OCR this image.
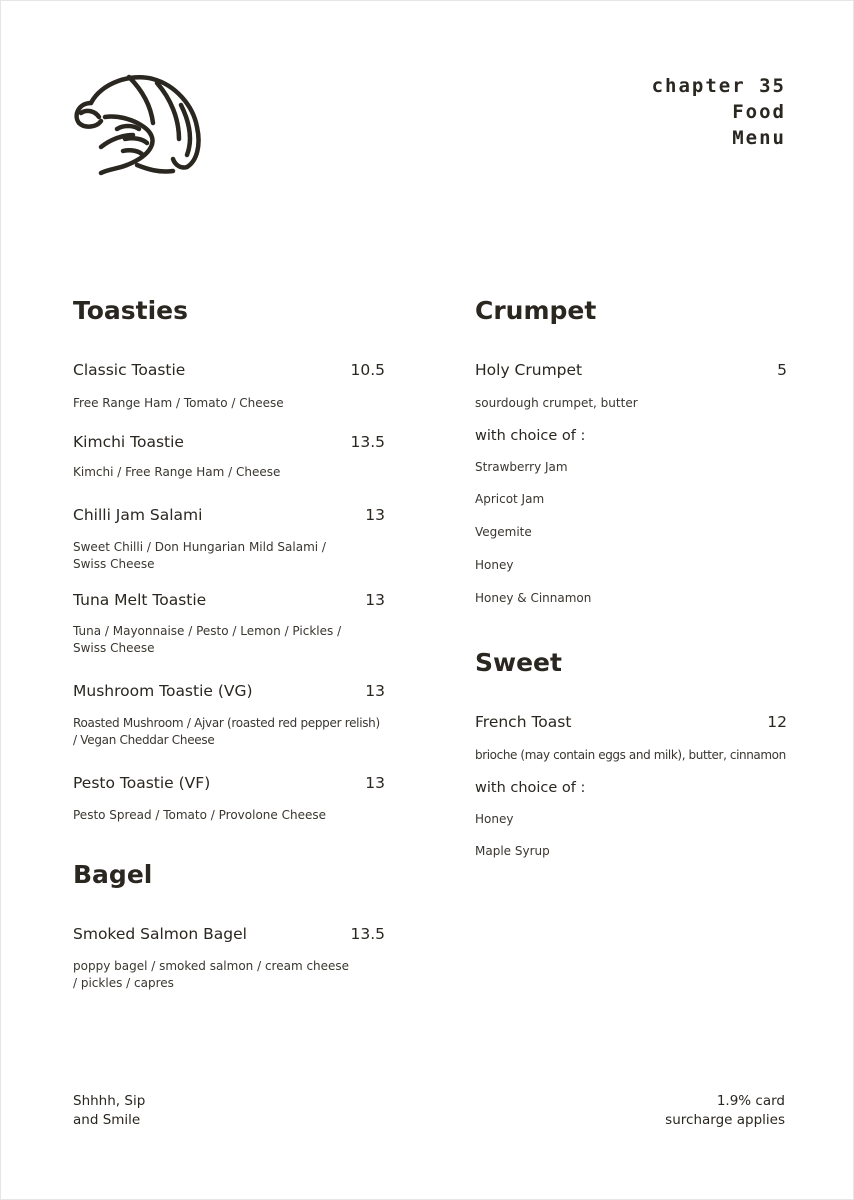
chapter 35
Food
Menu
Toasties
Classic Toastie	10.5
Free Range Ham / Tomato / Cheese
Kimchi Toastie	13.5
Kimchi / Free Range Ham / Cheese
Chilli Jam Salami	13
Sweet Chilli / Don Hungarian Mild Salami / Swiss Cheese
Tuna Melt Toastie	13
Tuna / Mayonnaise / Pesto / Lemon / Pickles / Swiss Cheese
Mushroom Toastie (VG)	13
Roasted Mushroom / Ajvar (roasted red pepper relish) / Vegan Cheddar Cheese
Pesto Toastie (VF)	13
Pesto Spread / Tomato / Provolone Cheese
Bagel
Smoked Salmon Bagel	13.5
poppy bagel / smoked salmon / cream cheese / pickles / capres
Crumpet
Holy Crumpet	5
sourdough crumpet, butter
with choice of :
Strawberry Jam
Apricot Jam
Vegemite
Honey
Honey & Cinnamon
Sweet
French Toast	12
brioche (may contain eggs and milk), butter, cinnamon
with choice of :
Honey
Maple Syrup
Shhhh, Sip
and Smile
1.9% card
surcharge applies
